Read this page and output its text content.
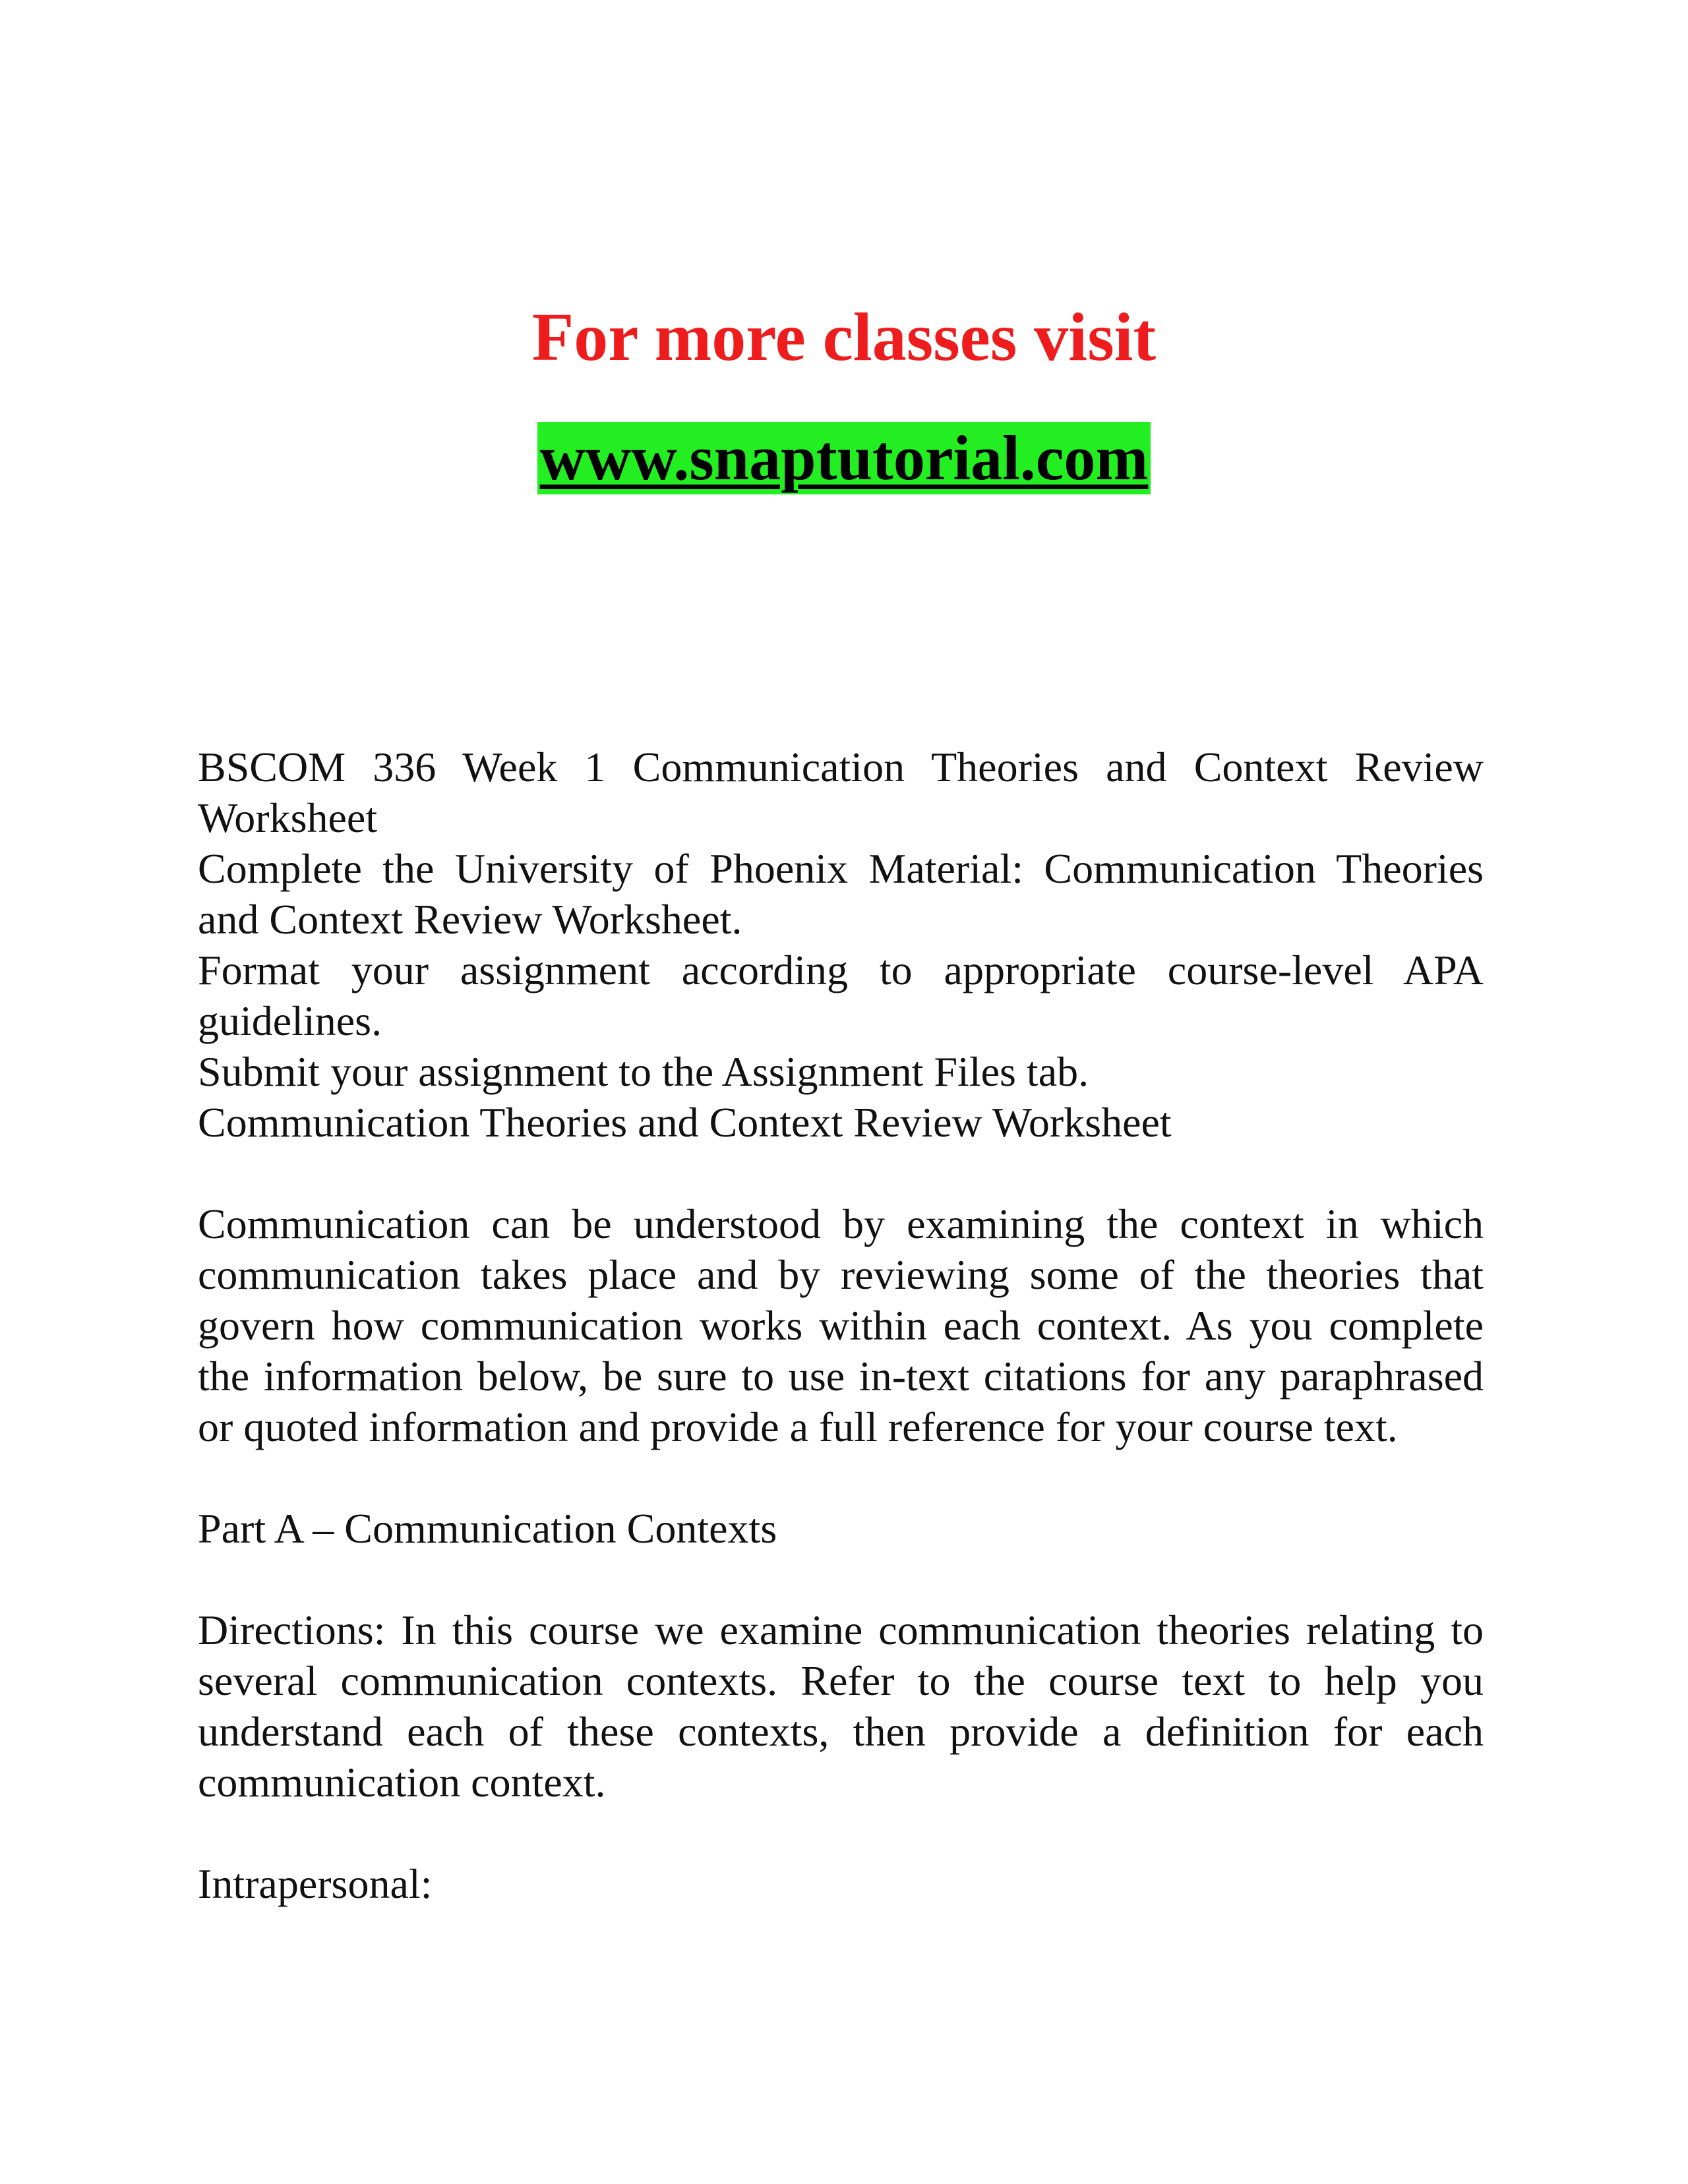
For more classes visit
www.snaptutorial.com

BSCOM 336 Week 1 Communication Theories and Context Review Worksheet

Complete the University of Phoenix Material: Communication Theories and Context Review Worksheet.

Format your assignment according to appropriate course-level APA guidelines.

Submit your assignment to the Assignment Files tab.

Communication Theories and Context Review Worksheet

Communication can be understood by examining the context in which communication takes place and by reviewing some of the theories that govern how communication works within each context. As you complete the information below, be sure to use in-text citations for any paraphrased or quoted information and provide a full reference for your course text.

Part A – Communication Contexts

Directions: In this course we examine communication theories relating to several communication contexts. Refer to the course text to help you understand each of these contexts, then provide a definition for each communication context.

Intrapersonal:
